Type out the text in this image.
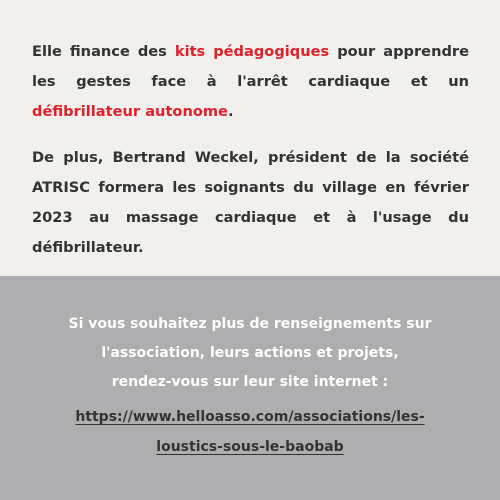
Elle finance des kits pédagogiques pour apprendre les gestes face à l'arrêt cardiaque et un défibrillateur autonome.

De plus, Bertrand Weckel, président de la société ATRISC formera les soignants du village en février 2023 au massage cardiaque et à l'usage du défibrillateur.

Si vous souhaitez plus de renseignements sur
l'association, leurs actions et projets,
rendez-vous sur leur site internet :

https://www.helloasso.com/associations/les-
loustics-sous-le-baobab
